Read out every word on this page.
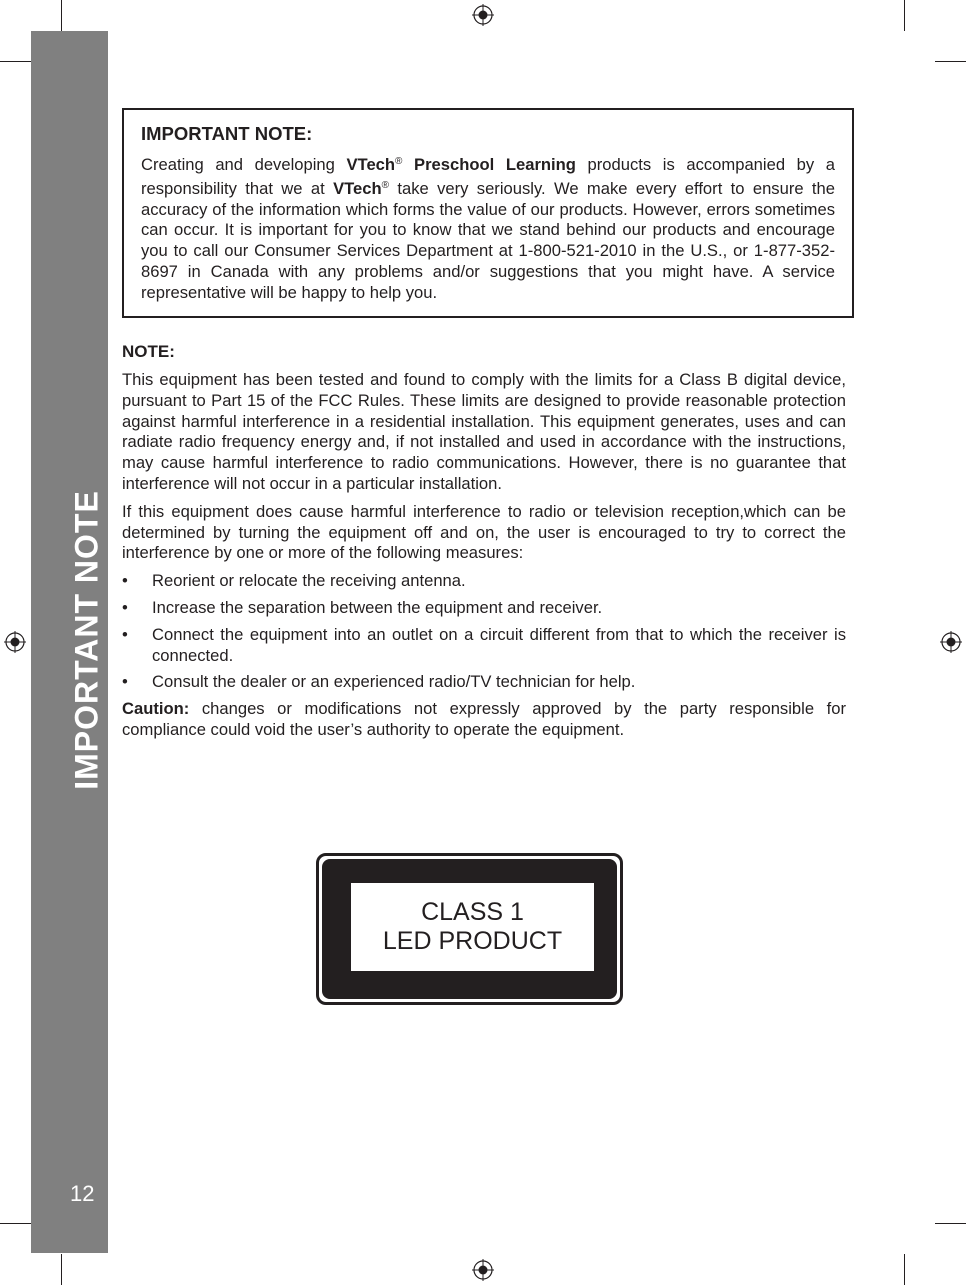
IMPORTANT NOTE
12

IMPORTANT NOTE:

Creating and developing VTech® Preschool Learning products is accompanied by a responsibility that we at VTech® take very seriously. We make every effort to ensure the accuracy of the information which forms the value of our products. However, errors sometimes can occur. It is important for you to know that we stand behind our products and encourage you to call our Consumer Services Department at 1-800-521-2010 in the U.S., or 1-877-352-8697 in Canada with any problems and/or suggestions that you might have. A service representative will be happy to help you.

NOTE:

This equipment has been tested and found to comply with the limits for a Class B digital device, pursuant to Part 15 of the FCC Rules. These limits are designed to provide reasonable protection against harmful interference in a residential installation. This equipment generates, uses and can radiate radio frequency energy and, if not installed and used in accordance with the instructions, may cause harmful interference to radio communications. However, there is no guarantee that interference will not occur in a particular installation.

If this equipment does cause harmful interference to radio or television reception,which can be determined by turning the equipment off and on, the user is encouraged to try to correct the interference by one or more of the following measures:

• Reorient or relocate the receiving antenna.
• Increase the separation between the equipment and receiver.
• Connect the equipment into an outlet on a circuit different from that to which the receiver is connected.
• Consult the dealer or an experienced radio/TV technician for help.

Caution: changes or modifications not expressly approved by the party responsible for compliance could void the user’s authority to operate the equipment.

CLASS 1
LED PRODUCT
